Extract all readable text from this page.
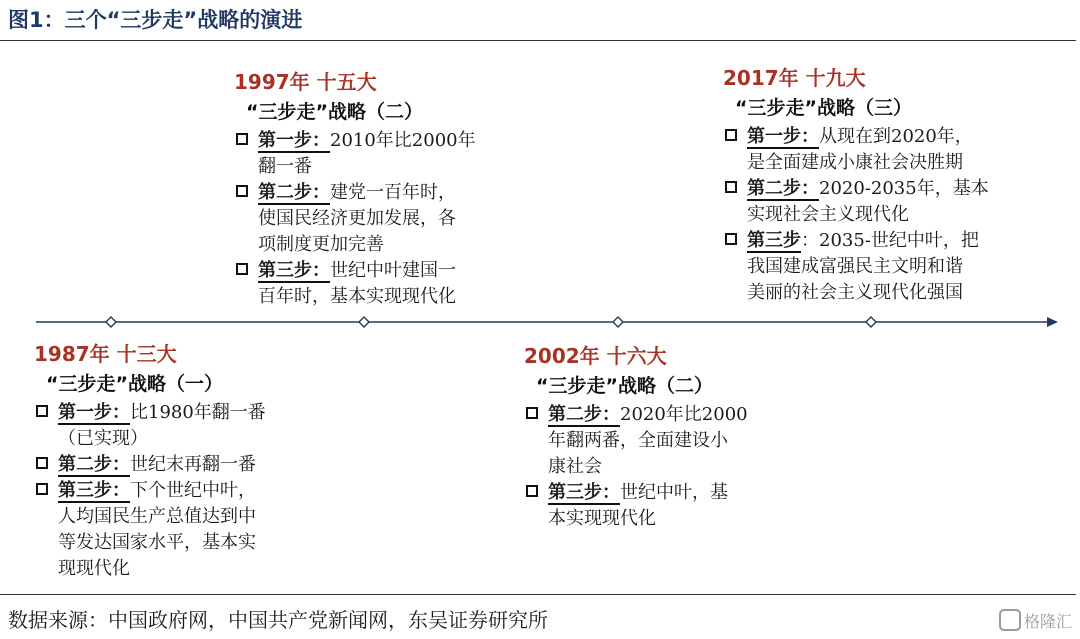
图1：三个“三步走”战略的演进
1997年 十五大
“三步走”战略（二）
第一步：2010年比2000年
翻一番
第二步：建党一百年时，
使国民经济更加发展，各
项制度更加完善
第三步：世纪中叶建国一
百年时，基本实现现代化
2017年 十九大
“三步走”战略（三）
第一步：从现在到2020年，
是全面建成小康社会决胜期
第二步：2020-2035年，基本
实现社会主义现代化
第三步：2035-世纪中叶，把
我国建成富强民主文明和谐
美丽的社会主义现代化强国
1987年 十三大
“三步走”战略（一）
第一步：比1980年翻一番
（已实现）
第二步：世纪末再翻一番
第三步：下个世纪中叶，
人均国民生产总值达到中
等发达国家水平，基本实
现现代化
2002年 十六大
“三步走”战略（二）
第二步：2020年比2000
年翻两番，全面建设小
康社会
第三步：世纪中叶，基
本实现现代化
数据来源：中国政府网，中国共产党新闻网，东吴证券研究所	格隆汇
